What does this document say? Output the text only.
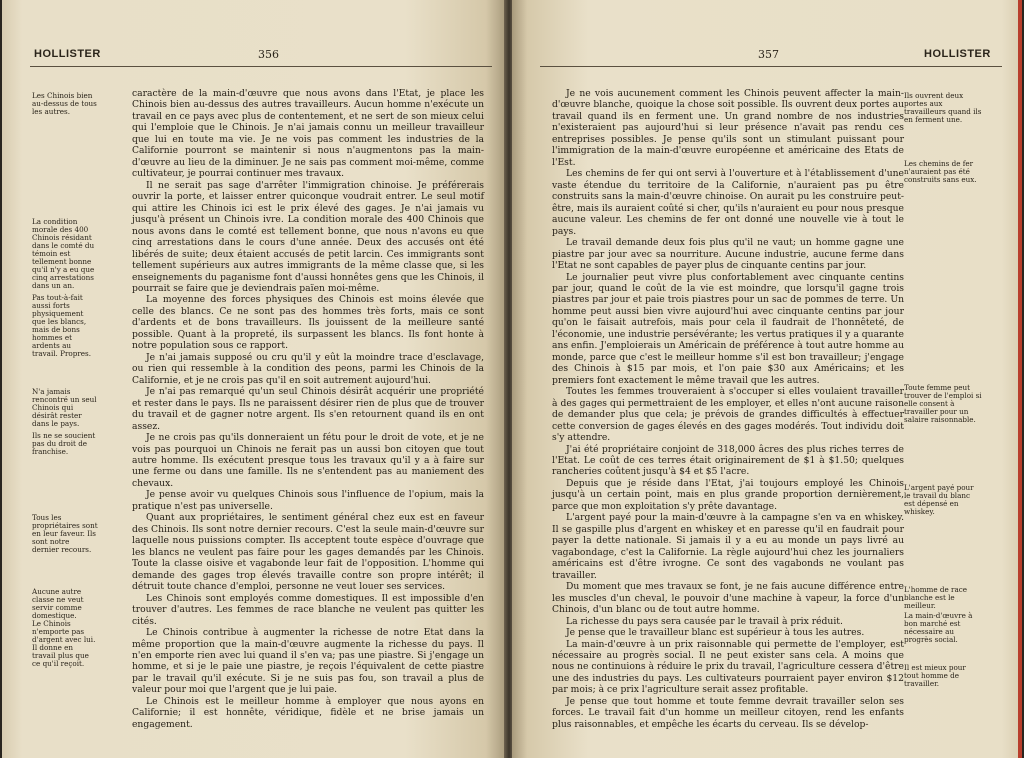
HOLLISTER	356
Les Chinois bien au-dessus de tous les autres.
La condition morale des 400 Chinois résidant dans le comté du témoin est tellement bonne qu'il n'y a eu que cinq arrestations dans un an.
Pas tout-à-fait aussi forts physiquement que les blancs, mais de bons hommes et ardents au travail. Propres.
N'a jamais rencontré un seul Chinois qui désirât rester dans le pays.
Ils ne se soucient pas du droit de franchise.
Tous les propriétaires sont en leur faveur. Ils sont notre dernier recours.
Aucune autre classe ne veut servir comme domestique.
Le Chinois n'emporte pas d'argent avec lui. Il donne en travail plus que ce qu'il reçoit.

caractère de la main-d'œuvre que nous avons dans l'Etat, je place les Chinois bien au-dessus des autres travailleurs. Aucun homme n'exécute un travail en ce pays avec plus de contentement, et ne sert de son mieux celui qui l'emploie que le Chinois. Je n'ai jamais connu un meilleur travailleur que lui en toute ma vie. Je ne vois pas comment les industries de la Californie pourront se maintenir si nous n'augmentons pas la main-d'œuvre au lieu de la diminuer. Je ne sais pas comment moi-même, comme cultivateur, je pourrai continuer mes travaux.

Il ne serait pas sage d'arrêter l'immigration chinoise. Je préférerais ouvrir la porte, et laisser entrer quiconque voudrait entrer. Le seul motif qui attire les Chinois ici est le prix élevé des gages. Je n'ai jamais vu jusqu'à présent un Chinois ivre. La condition morale des 400 Chinois que nous avons dans le comté est tellement bonne, que nous n'avons eu que cinq arrestations dans le cours d'une année. Deux des accusés ont été libérés de suite; deux étaient accusés de petit larcin. Ces immigrants sont tellement supérieurs aux autres immigrants de la même classe que, si les enseignements du paganisme font d'aussi honnêtes gens que les Chinois, il pourrait se faire que je deviendrais païen moi-même.

La moyenne des forces physiques des Chinois est moins élevée que celle des blancs. Ce ne sont pas des hommes très forts, mais ce sont d'ardents et de bons travailleurs. Ils jouissent de la meilleure santé possible. Quant à la propreté, ils surpassent les blancs. Ils font honte à notre population sous ce rapport.

Je n'ai jamais supposé ou cru qu'il y eût la moindre trace d'esclavage, ou rien qui ressemble à la condition des peons, parmi les Chinois de la Californie, et je ne crois pas qu'il en soit autrement aujourd'hui.

Je n'ai pas remarqué qu'un seul Chinois désirât acquérir une propriété et rester dans le pays. Ils ne paraissent désirer rien de plus que de trouver du travail et de gagner notre argent. Ils s'en retournent quand ils en ont assez.

Je ne crois pas qu'ils donneraient un fétu pour le droit de vote, et je ne vois pas pourquoi un Chinois ne ferait pas un aussi bon citoyen que tout autre homme. Ils exécutent presque tous les travaux qu'il y a à faire sur une ferme ou dans une famille. Ils ne s'entendent pas au maniement des chevaux.

Je pense avoir vu quelques Chinois sous l'influence de l'opium, mais la pratique n'est pas universelle.

Quant aux propriétaires, le sentiment général chez eux est en faveur des Chinois. Ils sont notre dernier recours. C'est la seule main-d'œuvre sur laquelle nous puissions compter. Ils acceptent toute espèce d'ouvrage que les blancs ne veulent pas faire pour les gages demandés par les Chinois. Toute la classe oisive et vagabonde leur fait de l'opposition. L'homme qui demande des gages trop élevés travaille contre son propre intérêt; il détruit toute chance d'emploi, personne ne veut louer ses services.

Les Chinois sont employés comme domestiques. Il est impossible d'en trouver d'autres. Les femmes de race blanche ne veulent pas quitter les cités.

Le Chinois contribue à augmenter la richesse de notre Etat dans la même proportion que la main-d'œuvre augmente la richesse du pays. Il n'en emporte rien avec lui quand il s'en va; pas une piastre. Si j'engage un homme, et si je le paie une piastre, je reçois l'équivalent de cette piastre par le travail qu'il exécute. Si je ne suis pas fou, son travail a plus de valeur pour moi que l'argent que je lui paie.

Le Chinois est le meilleur homme à employer que nous ayons en Californie; il est honnête, véridique, fidèle et ne brise jamais un engagement.

357	HOLLISTER

Je ne vois aucunement comment les Chinois peuvent affecter la main-d'œuvre blanche, quoique la chose soit possible. Ils ouvrent deux portes au travail quand ils en ferment une. Un grand nombre de nos industries n'existeraient pas aujourd'hui si leur présence n'avait pas rendu ces entreprises possibles. Je pense qu'ils sont un stimulant puissant pour l'immigration de la main-d'œuvre européenne et américaine des Etats de l'Est.

Les chemins de fer qui ont servi à l'ouverture et à l'établissement d'une vaste étendue du territoire de la Californie, n'auraient pas pu être construits sans la main-d'œuvre chinoise. On aurait pu les construire peut-être, mais ils auraient coûté si cher, qu'ils n'auraient eu pour nous presque aucune valeur. Les chemins de fer ont donné une nouvelle vie à tout le pays.

Le travail demande deux fois plus qu'il ne vaut; un homme gagne une piastre par jour avec sa nourriture. Aucune industrie, aucune ferme dans l'Etat ne sont capables de payer plus de cinquante centins par jour.

Le journalier peut vivre plus confortablement avec cinquante centins par jour, quand le coût de la vie est moindre, que lorsqu'il gagne trois piastres par jour et paie trois piastres pour un sac de pommes de terre. Un homme peut aussi bien vivre aujourd'hui avec cinquante centins par jour qu'on le faisait autrefois, mais pour cela il faudrait de l'honnêteté, de l'économie, une industrie persévérante; les vertus pratiques il y a quarante ans enfin. J'emploierais un Américain de préférence à tout autre homme au monde, parce que c'est le meilleur homme s'il est bon travailleur; j'engage des Chinois à $15 par mois, et l'on paie $30 aux Américains; et les premiers font exactement le même travail que les autres.

Toutes les femmes trouveraient à s'occuper si elles voulaient travailler à des gages qui permettraient de les employer, et elles n'ont aucune raison de demander plus que cela; je prévois de grandes difficultés à effectuer cette conversion de gages élevés en des gages modérés. Tout individu doit s'y attendre.

J'ai été propriétaire conjoint de 318,000 âcres des plus riches terres de l'Etat. Le coût de ces terres était originairement de $1 à $1.50; quelques rancheries coûtent jusqu'à $4 et $5 l'acre.

Depuis que je réside dans l'Etat, j'ai toujours employé les Chinois jusqu'à un certain point, mais en plus grande proportion dernièrement, parce que mon exploitation s'y prête davantage.

L'argent payé pour la main-d'œuvre à la campagne s'en va en whiskey. Il se gaspille plus d'argent en whiskey et en paresse qu'il en faudrait pour payer la dette nationale. Si jamais il y a eu au monde un pays livré au vagabondage, c'est la Californie. La règle aujourd'hui chez les journaliers américains est d'être ivrogne. Ce sont des vagabonds ne voulant pas travailler.

Du moment que mes travaux se font, je ne fais aucune différence entre les muscles d'un cheval, le pouvoir d'une machine à vapeur, la force d'un Chinois, d'un blanc ou de tout autre homme.

La richesse du pays sera causée par le travail à prix réduit.

Je pense que le travailleur blanc est supérieur à tous les autres.

La main-d'œuvre à un prix raisonnable qui permette de l'employer, est nécessaire au progrès social. Il ne peut exister sans cela. A moins que nous ne continuions à réduire le prix du travail, l'agriculture cessera d'être une des industries du pays. Les cultivateurs pourraient payer environ $12 par mois; à ce prix l'agriculture serait assez profitable.

Je pense que tout homme et toute femme devrait travailler selon ses forces. Le travail fait d'un homme un meilleur citoyen, rend les enfants plus raisonnables, et empêche les écarts du cerveau. Ils se dévelop-

Ils ouvrent deux portes aux travailleurs quand ils en ferment une.
Les chemins de fer n'auraient pas été construits sans eux.
Toute femme peut trouver de l'emploi si elle consent à travailler pour un salaire raisonnable.
L'argent payé pour le travail du blanc est dépensé en whiskey.
L'homme de race blanche est le meilleur.
La main-d'œuvre à bon marché est nécessaire au progrès social.
Il est mieux pour tout homme de travailler.
